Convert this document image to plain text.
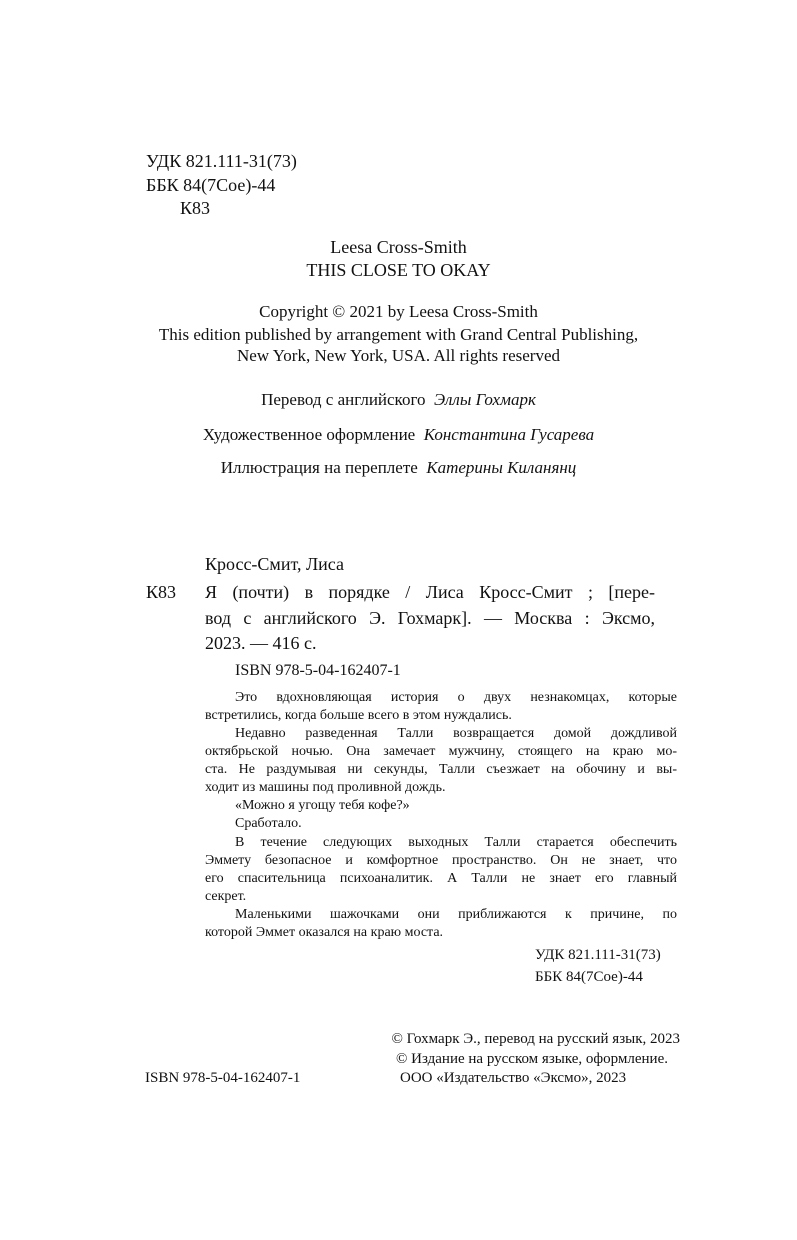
УДК 821.111-31(73)
ББК 84(7Сое)-44
К83
Leesa Cross-Smith
THIS CLOSE TO OKAY
Copyright © 2021 by Leesa Cross-Smith
This edition published by arrangement with Grand Central Publishing,
New York, New York, USA. All rights reserved
Перевод с английского Эллы Гохмарк
Художественное оформление Константина Гусарева
Иллюстрация на переплете Катерины Киланянц
Кросс-Смит, Лиса
К83 Я (почти) в порядке / Лиса Кросс-Смит ; [пере-
вод с английского Э. Гохмарк]. — Москва : Эксмо,
2023. — 416 с.
ISBN 978-5-04-162407-1
Это вдохновляющая история о двух незнакомцах, которые
встретились, когда больше всего в этом нуждались.
Недавно разведенная Талли возвращается домой дождливой
октябрьской ночью. Она замечает мужчину, стоящего на краю мо-
ста. Не раздумывая ни секунды, Талли съезжает на обочину и вы-
ходит из машины под проливной дождь.
«Можно я угощу тебя кофе?»
Сработало.
В течение следующих выходных Талли старается обеспечить
Эммету безопасное и комфортное пространство. Он не знает, что
его спасительница психоаналитик. А Талли не знает его главный
секрет.
Маленькими шажочками они приближаются к причине, по
которой Эммет оказался на краю моста.
УДК 821.111-31(73)
ББК 84(7Сое)-44
© Гохмарк Э., перевод на русский язык, 2023
© Издание на русском языке, оформление.
ISBN 978-5-04-162407-1	ООО «Издательство «Эксмо», 2023
